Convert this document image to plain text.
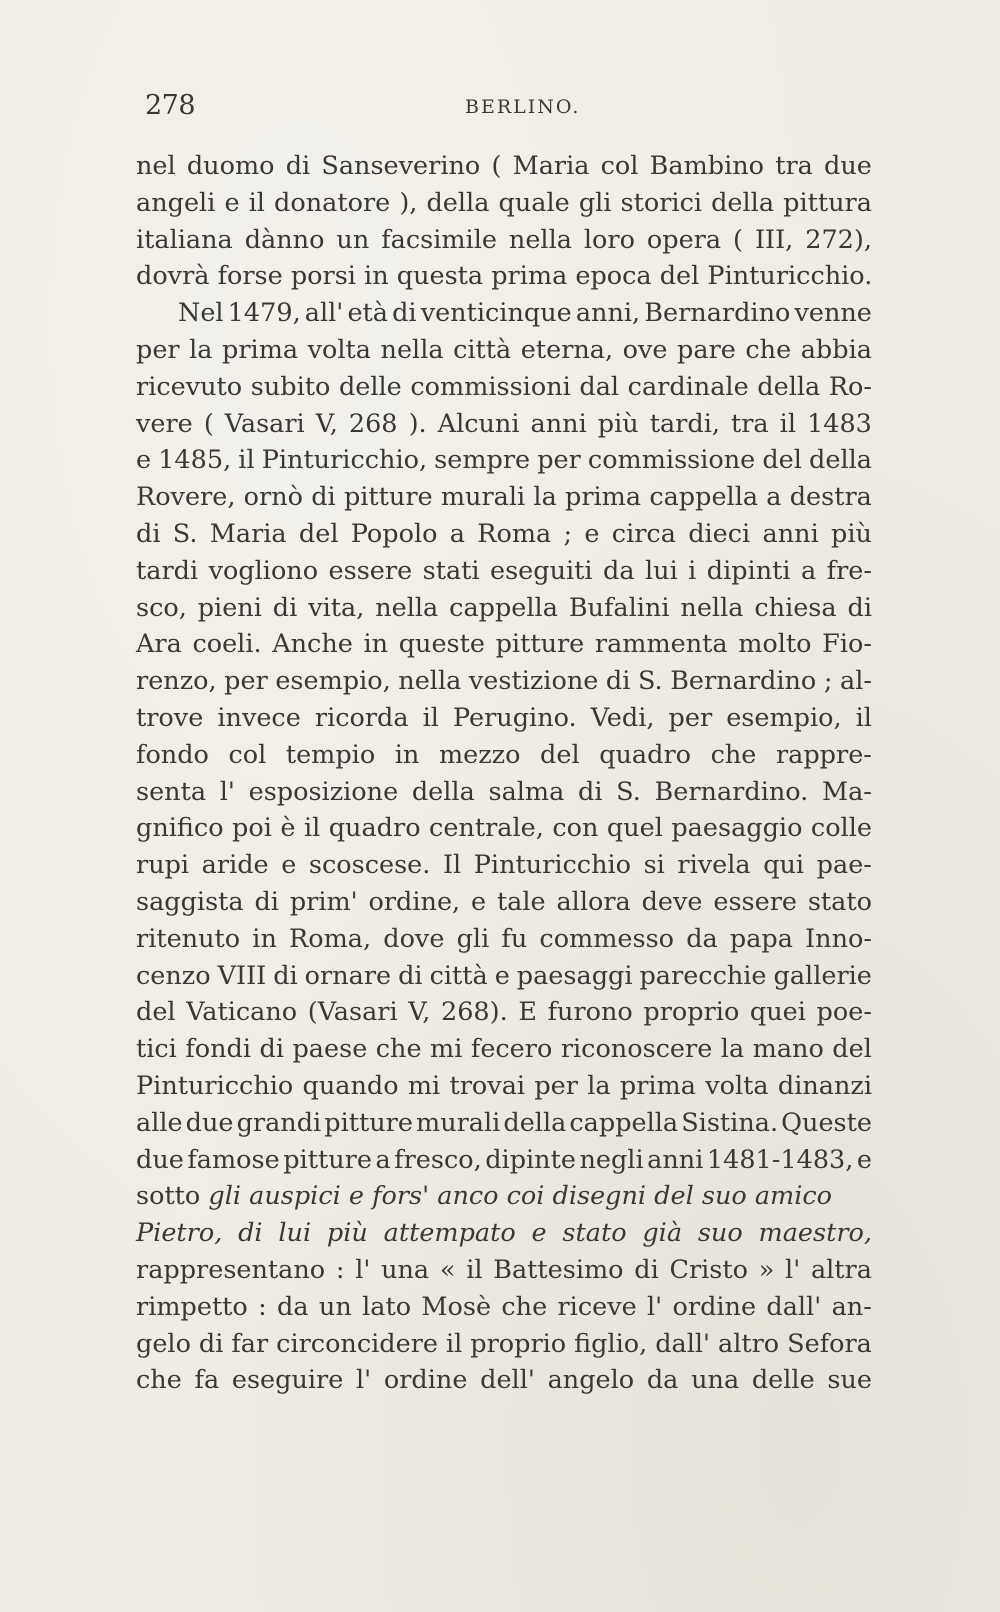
278	BERLINO.
nel duomo di Sanseverino ( Maria col Bambino tra due
angeli e il donatore ), della quale gli storici della pittura
italiana dànno un facsimile nella loro opera ( III, 272),
dovrà forse porsi in questa prima epoca del Pinturicchio.
Nel 1479, all' età di venticinque anni, Bernardino venne
per la prima volta nella città eterna, ove pare che abbia
ricevuto subito delle commissioni dal cardinale della Ro-
vere ( Vasari V, 268 ). Alcuni anni più tardi, tra il 1483
e 1485, il Pinturicchio, sempre per commissione del della
Rovere, ornò di pitture murali la prima cappella a destra
di S. Maria del Popolo a Roma ; e circa dieci anni più
tardi vogliono essere stati eseguiti da lui i dipinti a fre-
sco, pieni di vita, nella cappella Bufalini nella chiesa di
Ara coeli. Anche in queste pitture rammenta molto Fio-
renzo, per esempio, nella vestizione di S. Bernardino ; al-
trove invece ricorda il Perugino. Vedi, per esempio, il
fondo col tempio in mezzo del quadro che rappre-
senta l' esposizione della salma di S. Bernardino. Ma-
gnifico poi è il quadro centrale, con quel paesaggio colle
rupi aride e scoscese. Il Pinturicchio si rivela qui pae-
saggista di prim' ordine, e tale allora deve essere stato
ritenuto in Roma, dove gli fu commesso da papa Inno-
cenzo VIII di ornare di città e paesaggi parecchie gallerie
del Vaticano (Vasari V, 268). E furono proprio quei poe-
tici fondi di paese che mi fecero riconoscere la mano del
Pinturicchio quando mi trovai per la prima volta dinanzi
alle due grandi pitture murali della cappella Sistina. Queste
due famose pitture a fresco, dipinte negli anni 1481-1483, e
sotto
gli auspici e fors' anco coi disegni del suo amico
Pietro, di lui più attempato e stato già suo maestro,
rappresentano : l' una « il Battesimo di Cristo » l' altra
rimpetto : da un lato Mosè che riceve l' ordine dall' an-
gelo di far circoncidere il proprio figlio, dall' altro Sefora
che fa eseguire l' ordine dell' angelo da una delle sue
